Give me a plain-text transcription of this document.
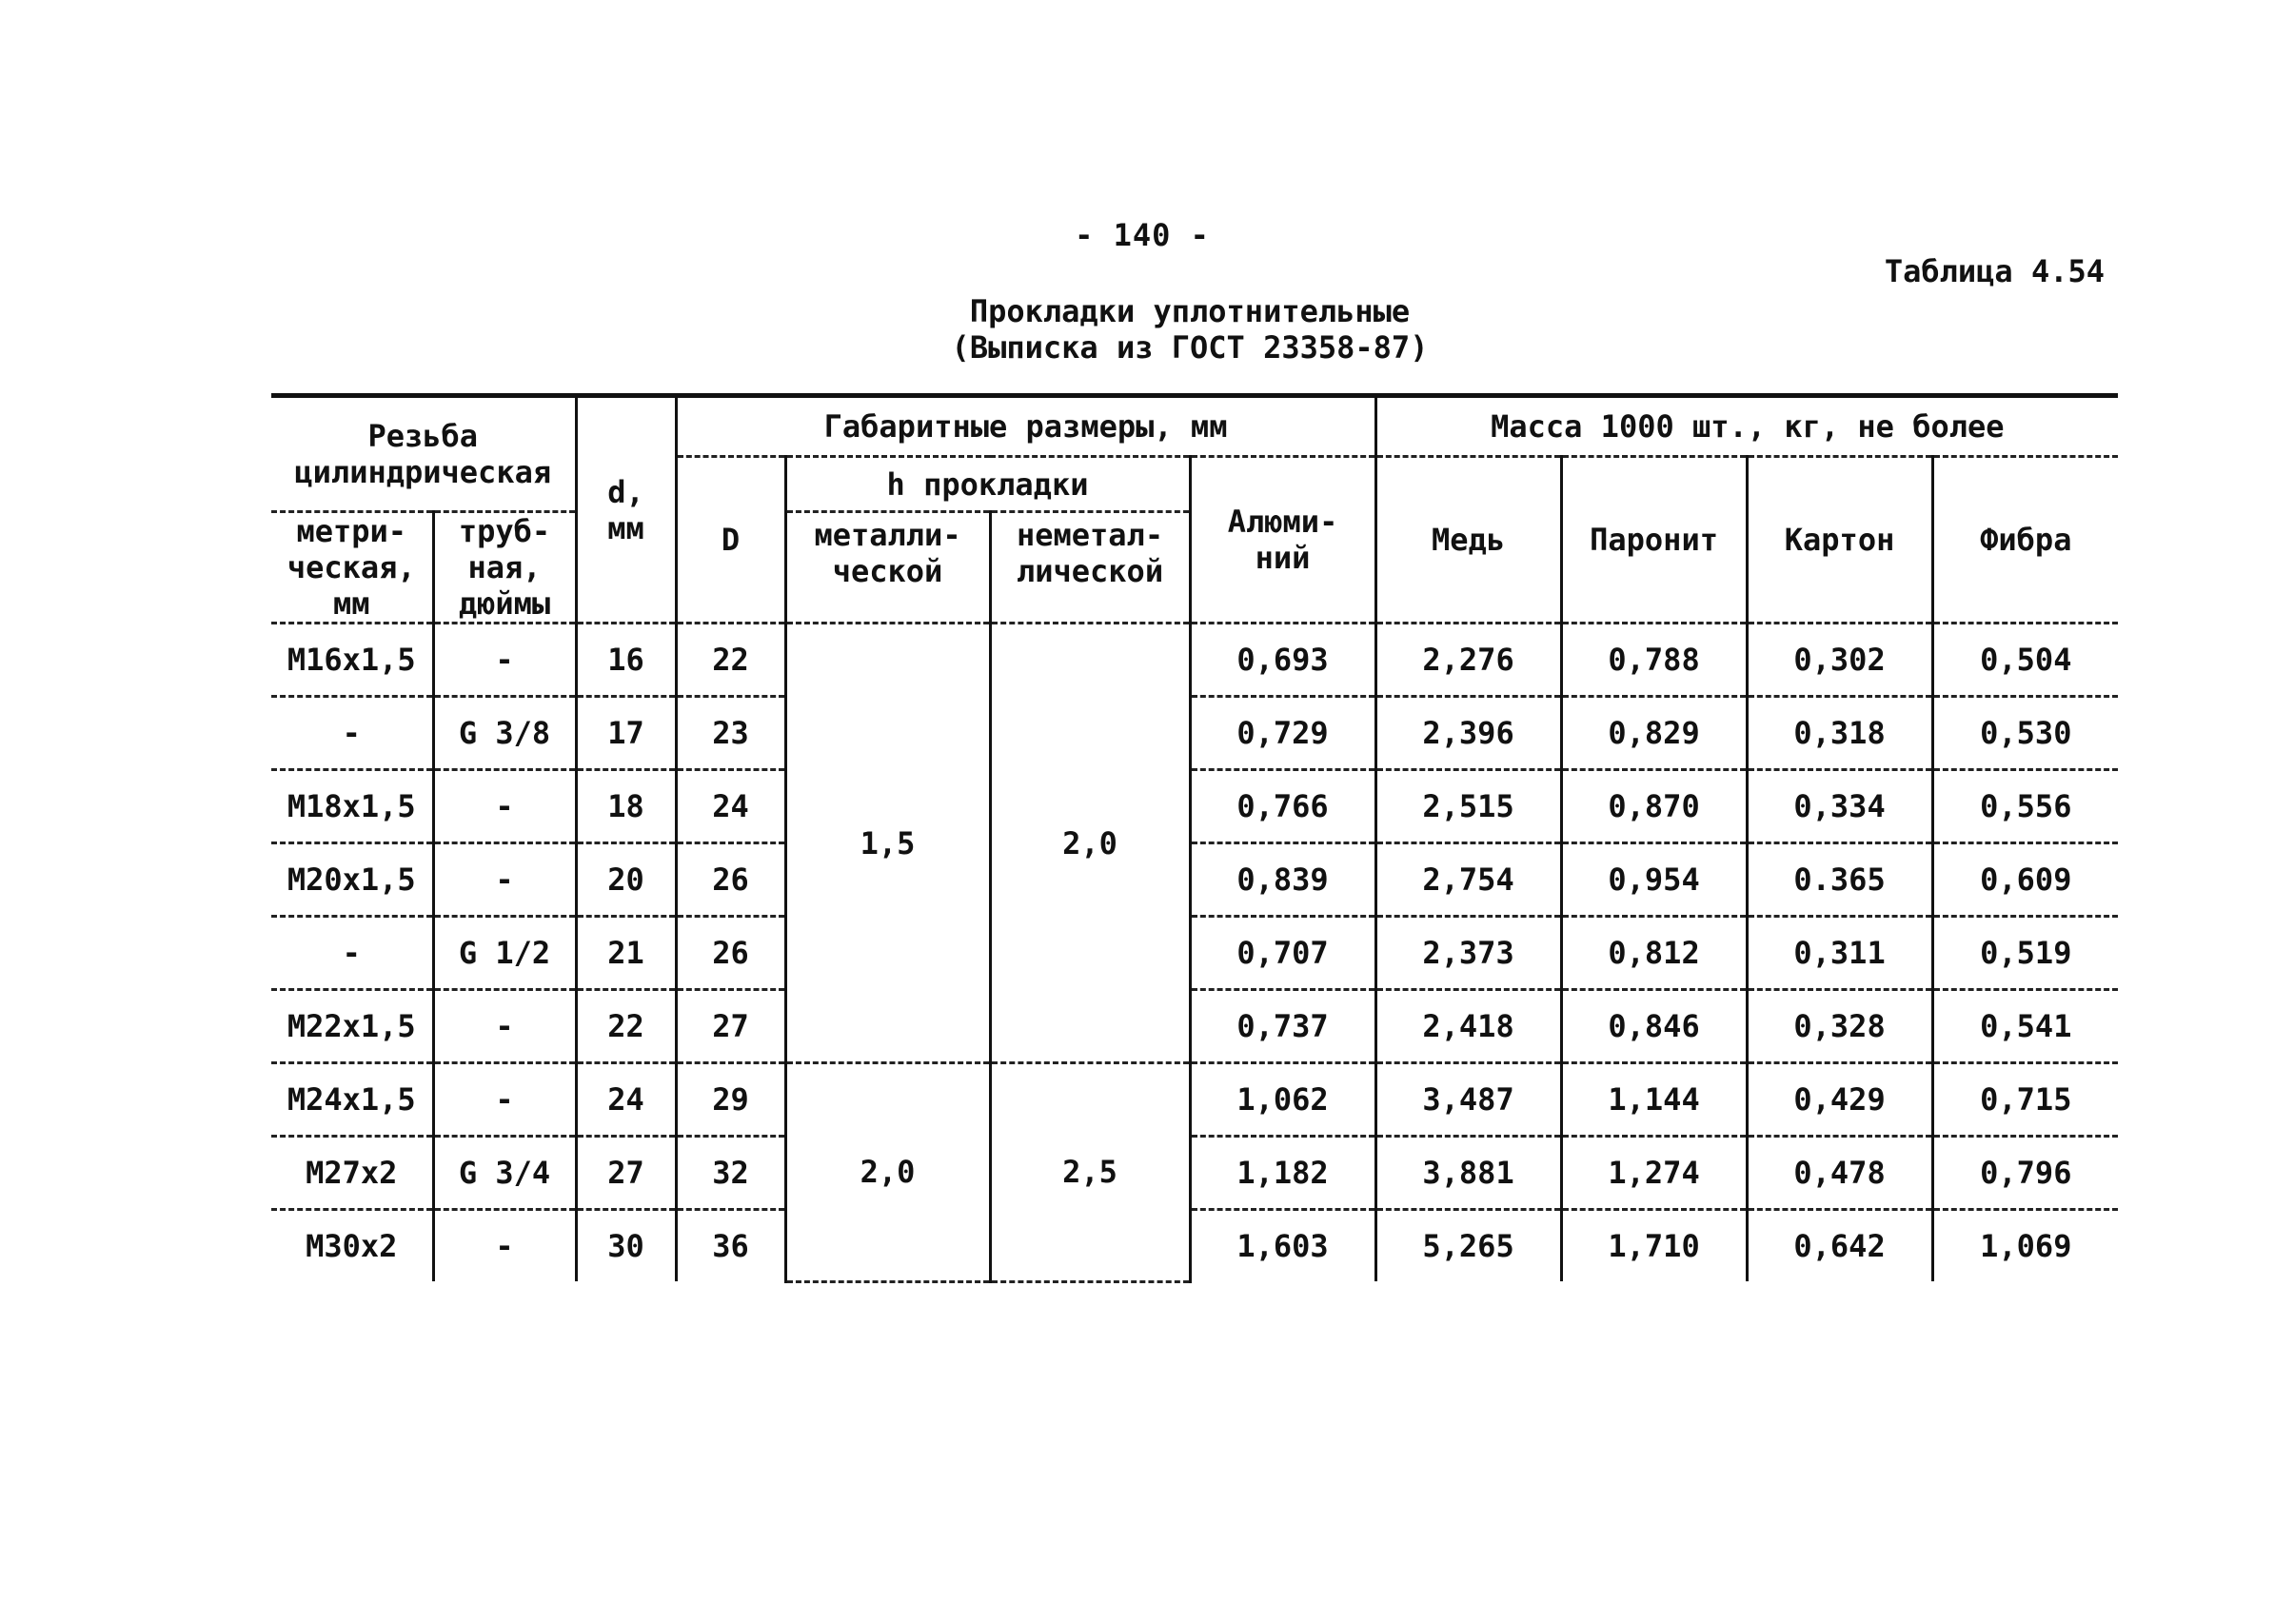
- 140 -
Таблица 4.54
Прокладки уплотнительные
(Выписка из ГОСТ 23358-87)
Резьба цилиндрическая		d, мм	Габаритные размеры, мм				Масса 1000 шт., кг, не более			
			D	h прокладки		Алюми- ний	Медь	Паронит	Картон	Фибра
метри- ческая, мм	труб- ная, дюймы			металли- ческой	неметал- лической					
М16x1,5	-	16	22	1,5	2,0	0,693	2,276	0,788	0,302	0,504
-	G 3/8	17	23			0,729	2,396	0,829	0,318	0,530
М18x1,5	-	18	24			0,766	2,515	0,870	0,334	0,556
М20x1,5	-	20	26			0,839	2,754	0,954	0.365	0,609
-	G 1/2	21	26			0,707	2,373	0,812	0,311	0,519
М22x1,5	-	22	27			0,737	2,418	0,846	0,328	0,541
М24x1,5	-	24	29	2,0	2,5	1,062	3,487	1,144	0,429	0,715
М27x2	G 3/4	27	32			1,182	3,881	1,274	0,478	0,796
М30x2	-	30	36			1,603	5,265	1,710	0,642	1,069
